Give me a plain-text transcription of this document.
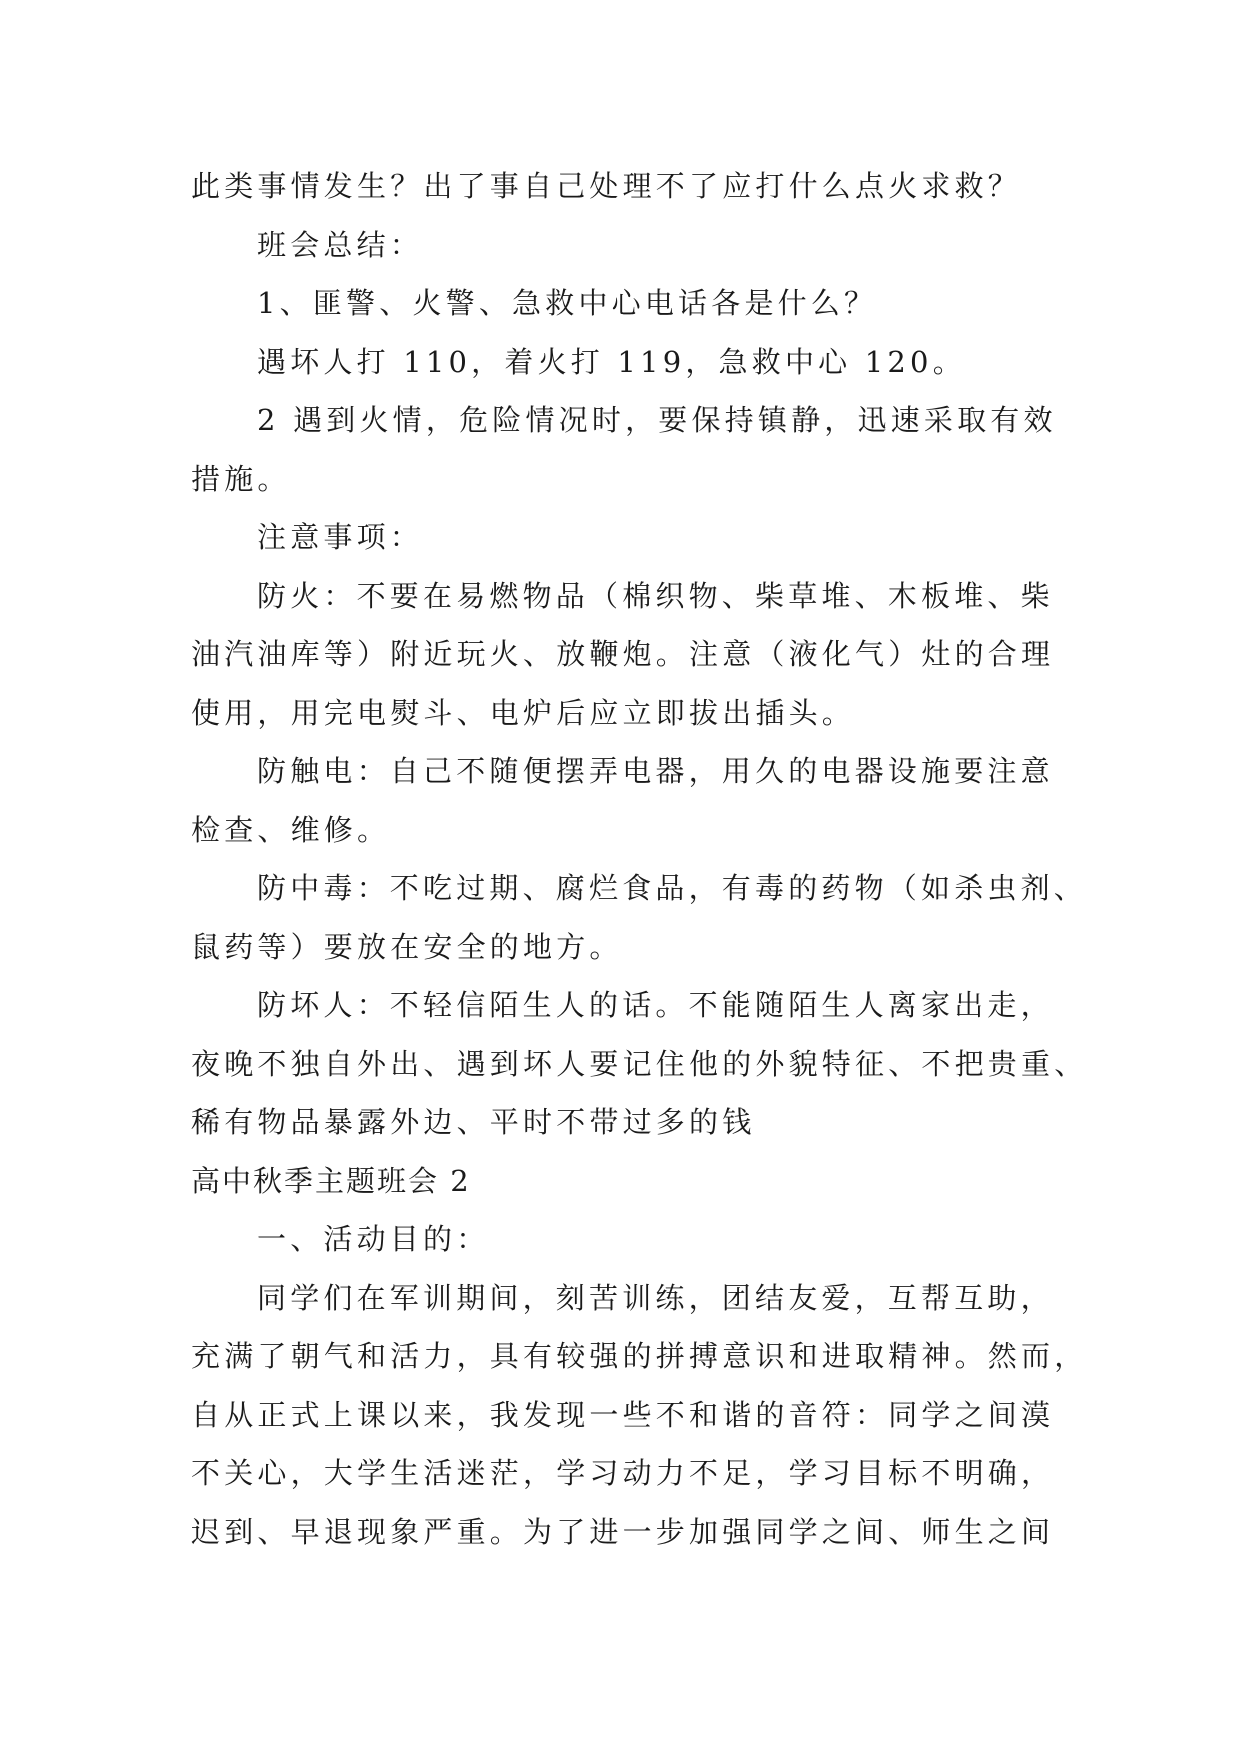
此类事情发生？出了事自己处理不了应打什么点火求救？
班会总结：
1、匪警、火警、急救中心电话各是什么？
遇坏人打 110，着火打 119，急救中心 120。
2 遇到火情，危险情况时，要保持镇静，迅速采取有效
措施。
注意事项：
防火：不要在易燃物品（棉织物、柴草堆、木板堆、柴
油汽油库等）附近玩火、放鞭炮。注意（液化气）灶的合理
使用，用完电熨斗、电炉后应立即拔出插头。
防触电：自己不随便摆弄电器，用久的电器设施要注意
检查、维修。
防中毒：不吃过期、腐烂食品，有毒的药物（如杀虫剂、
鼠药等）要放在安全的地方。
防坏人：不轻信陌生人的话。不能随陌生人离家出走，
夜晚不独自外出、遇到坏人要记住他的外貌特征、不把贵重、
稀有物品暴露外边、平时不带过多的钱
高中秋季主题班会 2
一、活动目的：
同学们在军训期间，刻苦训练，团结友爱，互帮互助，
充满了朝气和活力，具有较强的拼搏意识和进取精神。然而，
自从正式上课以来，我发现一些不和谐的音符：同学之间漠
不关心，大学生活迷茫，学习动力不足，学习目标不明确，
迟到、早退现象严重。为了进一步加强同学之间、师生之间
